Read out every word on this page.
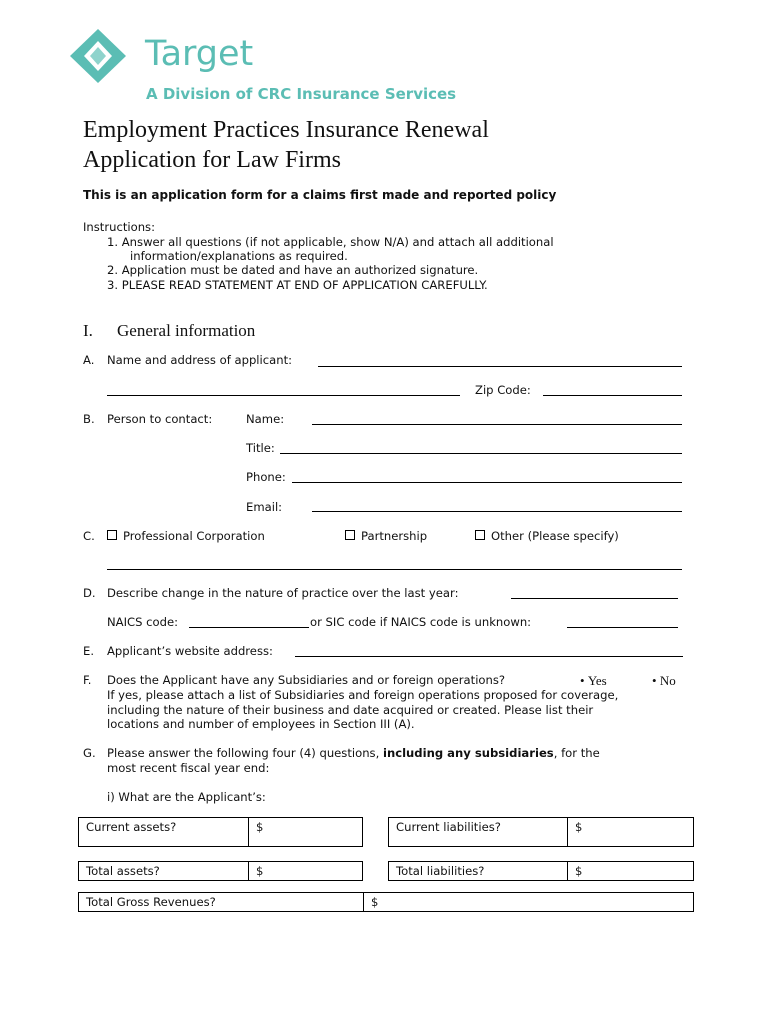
Target
A Division of CRC Insurance Services
Employment Practices Insurance Renewal
Application for Law Firms
This is an application form for a claims first made and reported policy
Instructions:
1. Answer all questions (if not applicable, show N/A) and attach all additional
information/explanations as required.
2. Application must be dated and have an authorized signature.
3. PLEASE READ STATEMENT AT END OF APPLICATION CAREFULLY.
I. General information
A. Name and address of applicant:
Zip Code:
B. Person to contact:	Name:
Title:
Phone:
Email:
C.	Professional Corporation	Partnership	Other (Please specify)
D. Describe change in the nature of practice over the last year:
NAICS code:	or SIC code if NAICS code is unknown:
E. Applicant’s website address:
F. Does the Applicant have any Subsidiaries and or foreign operations?	• Yes	• No
If yes, please attach a list of Subsidiaries and foreign operations proposed for coverage,
including the nature of their business and date acquired or created. Please list their
locations and number of employees in Section III (A).
G. Please answer the following four (4) questions, including any subsidiaries, for the
most recent fiscal year end:
i) What are the Applicant’s:
Current assets?	$	Current liabilities?	$
Total assets?	$	Total liabilities?	$
Total Gross Revenues?	$
